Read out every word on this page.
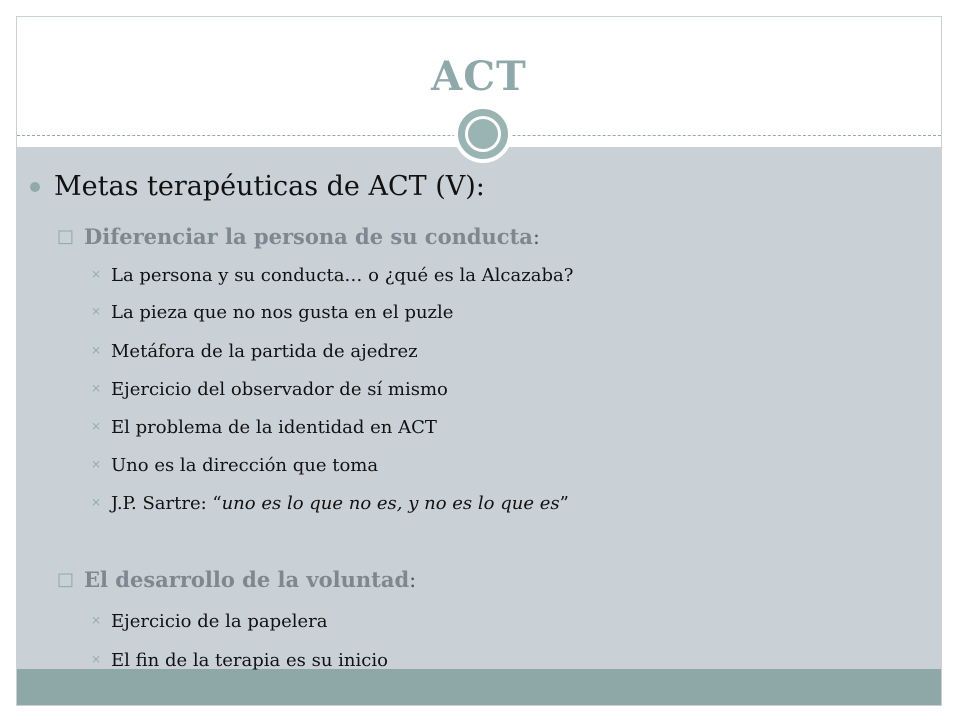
ACT
Metas terapéuticas de ACT (V):
□ Diferenciar la persona de su conducta:
⨯ La persona y su conducta… o ¿qué es la Alcazaba?
⨯ La pieza que no nos gusta en el puzle
⨯ Metáfora de la partida de ajedrez
⨯ Ejercicio del observador de sí mismo
⨯ El problema de la identidad en ACT
⨯ Uno es la dirección que toma
⨯ J.P. Sartre: “uno es lo que no es, y no es lo que es”
□ El desarrollo de la voluntad:
⨯ Ejercicio de la papelera
⨯ El fin de la terapia es su inicio
